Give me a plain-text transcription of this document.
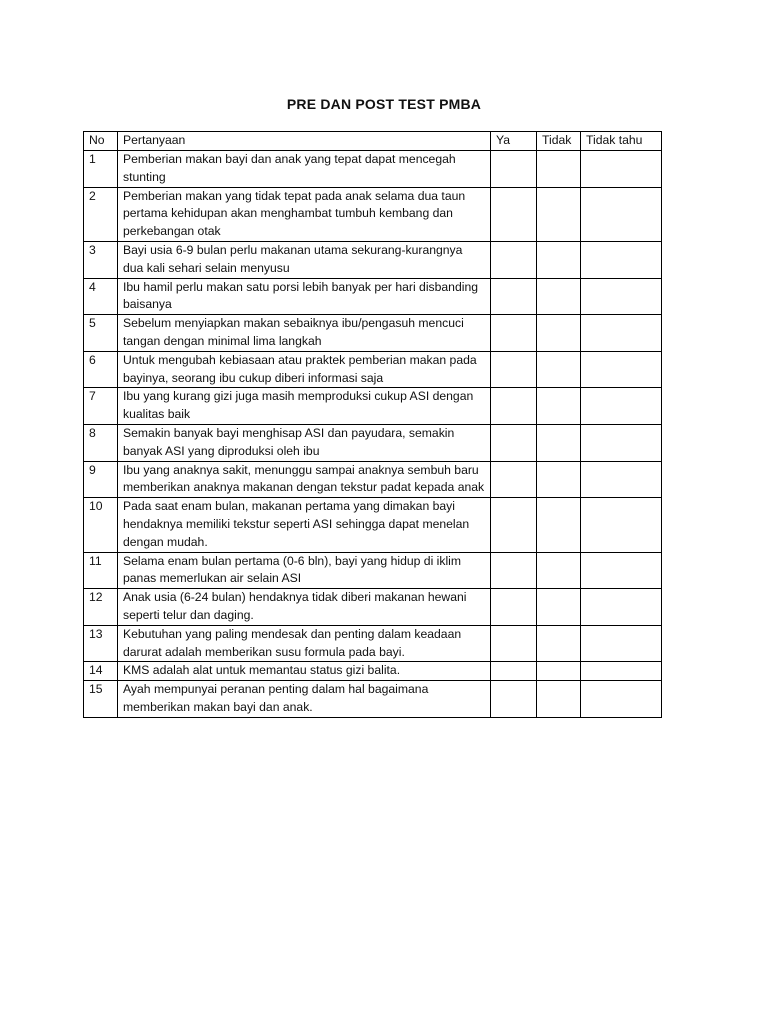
PRE DAN POST TEST PMBA
No	Pertanyaan	Ya	Tidak	Tidak tahu
1	Pemberian makan bayi dan anak yang tepat dapat mencegah stunting			
2	Pemberian makan yang tidak tepat pada anak selama dua taun pertama kehidupan akan menghambat tumbuh kembang dan perkebangan otak			
3	Bayi usia 6-9 bulan perlu makanan utama sekurang-kurangnya dua kali sehari selain menyusu			
4	Ibu hamil perlu makan satu porsi lebih banyak per hari disbanding baisanya			
5	Sebelum menyiapkan makan sebaiknya ibu/pengasuh mencuci tangan dengan minimal lima langkah			
6	Untuk mengubah kebiasaan atau praktek pemberian makan pada bayinya, seorang ibu cukup diberi informasi saja			
7	Ibu yang kurang gizi juga masih memproduksi cukup ASI dengan kualitas baik			
8	Semakin banyak bayi menghisap ASI dan payudara, semakin banyak ASI yang diproduksi oleh ibu			
9	Ibu yang anaknya sakit, menunggu sampai anaknya sembuh baru memberikan anaknya makanan dengan tekstur padat kepada anak			
10	Pada saat enam bulan, makanan pertama yang dimakan bayi hendaknya memiliki tekstur seperti ASI sehingga dapat menelan dengan mudah.			
11	Selama enam bulan pertama (0-6 bln), bayi yang hidup di iklim panas memerlukan air selain ASI			
12	Anak usia (6-24 bulan) hendaknya tidak diberi makanan hewani seperti telur dan daging.			
13	Kebutuhan yang paling mendesak dan penting dalam keadaan darurat adalah memberikan susu formula pada bayi.			
14	KMS adalah alat untuk memantau status gizi balita.			
15	Ayah mempunyai peranan penting dalam hal bagaimana memberikan makan bayi dan anak.			
